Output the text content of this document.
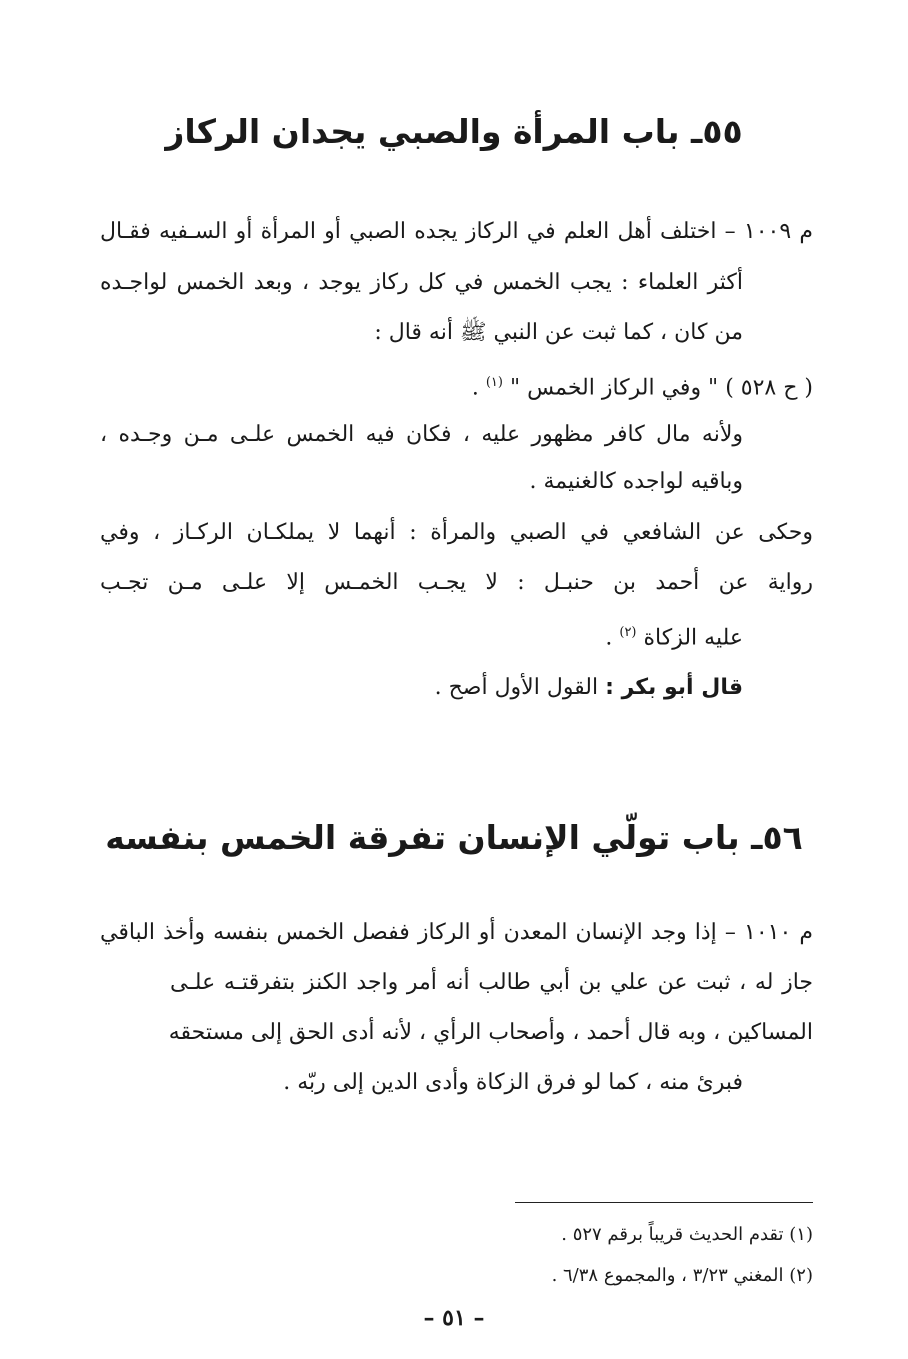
٥٥ـ باب المرأة والصبي يجدان الركاز
م ١٠٠٩ – اختلف أهل العلم في الركاز يجده الصبي أو المرأة أو السـفيه فقـال
أكثر العلماء : يجب الخمس في كل ركاز يوجد ، وبعد الخمس لواجـده
من كان ، كما ثبت عن النبي ﷺ أنه قال :
( ح ٥٢٨ ) " وفي الركاز الخمس " $^{(١)}$ .
ولأنه مال كافر مظهور عليه ، فكان فيه الخمس علـى مـن وجـده ،
وباقيه لواجده كالغنيمة .
وحكى عن الشافعي في الصبي والمرأة : أنهما لا يملكـان الركـاز ، وفي
رواية عن أحمد بن حنبـل : لا يجـب الخمـس إلا علـى مـن تجـب
عليه الزكاة $^{(٢)}$ .
قال أبو بكر : القول الأول أصح .
٥٦ـ باب تولّي الإنسان تفرقة الخمس بنفسه
م ١٠١٠ – إذا وجد الإنسان المعدن أو الركاز ففصل الخمس بنفسه وأخذ الباقي
جاز له ، ثبت عن علي بن أبي طالب أنه أمر واجد الكنز بتفرقتـه علـى
المساكين ، وبه قال أحمد ، وأصحاب الرأي ، لأنه أدى الحق إلى مستحقه
فبرئ منه ، كما لو فرق الزكاة وأدى الدين إلى ربّه .
(١) تقدم الحديث قريباً برقم ٥٢٧ .
(٢) المغني ٣/٢٣ ، والمجموع ٦/٣٨ .
– ٥١ –
